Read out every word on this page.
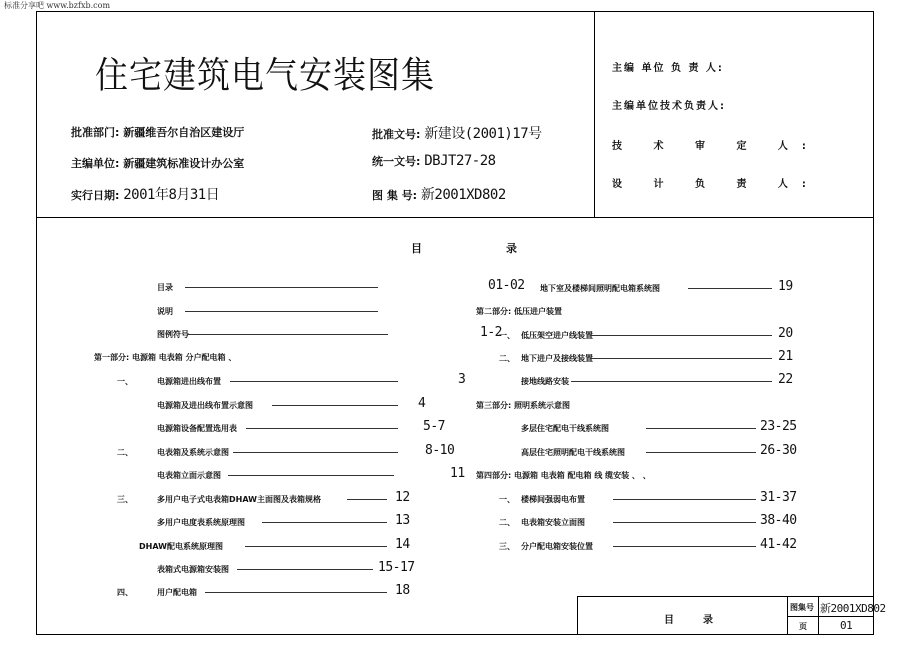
标准分享吧 www.bzfxb.com
住宅建筑电气安装图集
批准部门: 新疆维吾尔自治区建设厅
主编单位: 新疆建筑标准设计办公室
实行日期: 2001年8月31日
批准文号: 新建设(2001)17号
统一文号: DBJT27-28
图 集 号: 新2001XD802
主编 单位 负 责 人:
主编单位技术负责人:
技 术 审 定 人:
设 计 负 责 人:
目	录
目录	01-02
说明
图例符号	1-2
第一部分: 电源箱 电表箱 分户配电箱 、
一、	电源箱进出线布置	3
电源箱及进出线布置示意图	4
电源箱设备配置选用表	5-7
二、	电表箱及系统示意图	8-10
电表箱立面示意图	11
三、	多用户电子式电表箱DHAW主面图及表箱规格	12
多用户电度表系统原理图	13
DHAW配电系统原理图	14
表箱式电源箱安装图	15-17
四、	用户配电箱	18
地下室及楼梯间照明配电箱系统图	19
第二部分: 低压进户装置
一、 低压架空进户线装置	20
二、 地下进户及接线装置	21
接地线路安装	22
第三部分: 照明系统示意图
多层住宅配电干线系统图	23-25
高层住宅照明配电干线系统图	26-30
第四部分: 电源箱 电表箱 配电箱 线 缆安装 、 、
一、 楼梯间强弱电布置	31-37
二、 电表箱安装立面图	38-40
三、 分户配电箱安装位置	41-42
目	录
图集号 新2001XD802
页	01
